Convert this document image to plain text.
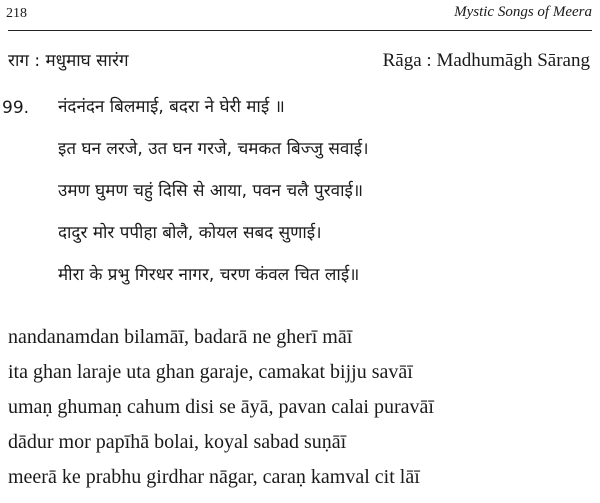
218	Mystic Songs of Meera
राग : मधुमाघ सारंग	Rāga : Madhumāgh Sārang
99. नंदनंदन बिलमाई, बदरा ने घेरी माई ॥
इत घन लरजे, उत घन गरजे, चमकत बिज्जु सवाई।
उमण घुमण चहुं दिसि से आया, पवन चलै पुरवाई॥
दादुर मोर पपीहा बोलै, कोयल सबद सुणाई।
मीरा के प्रभु गिरधर नागर, चरण कंवल चित लाई॥
nandanamdan bilamāī, badarā ne gherī māī
ita ghan laraje uta ghan garaje, camakat bijju savāī
umaṇ ghumaṇ cahum disi se āyā, pavan calai puravāī
dādur mor papīhā bolai, koyal sabad suṇāī
meerā ke prabhu girdhar nāgar, caraṇ kamval cit lāī
